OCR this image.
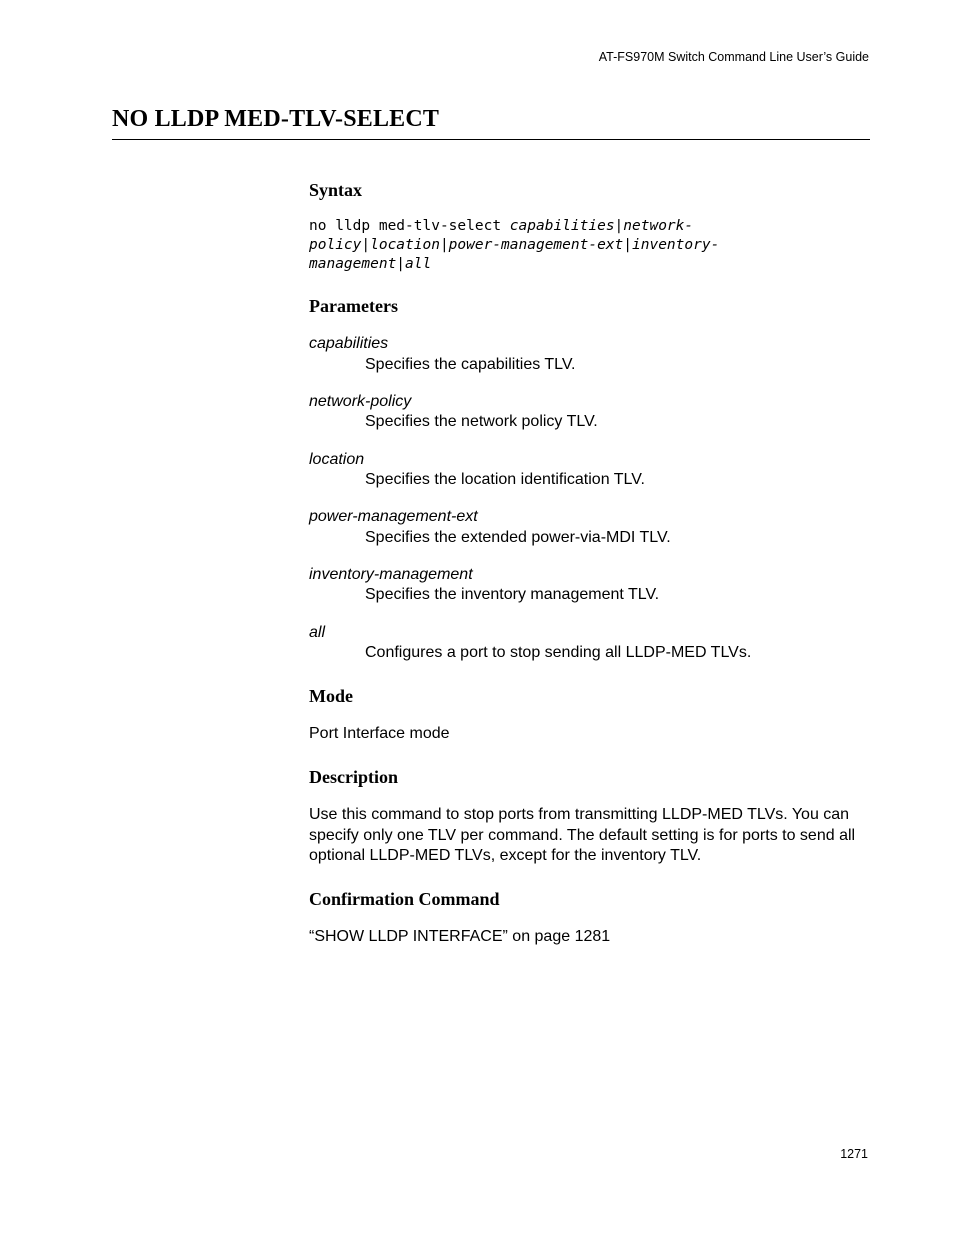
AT-FS970M Switch Command Line User’s Guide
NO LLDP MED-TLV-SELECT
Syntax
no lldp med-tlv-select capabilities|network-
policy|location|power-management-ext|inventory-
management|all
Parameters
capabilities
Specifies the capabilities TLV.
network-policy
Specifies the network policy TLV.
location
Specifies the location identification TLV.
power-management-ext
Specifies the extended power-via-MDI TLV.
inventory-management
Specifies the inventory management TLV.
all
Configures a port to stop sending all LLDP-MED TLVs.
Mode

Port Interface mode

Description

Use this command to stop ports from transmitting LLDP-MED TLVs. You can specify only one TLV per command. The default setting is for ports to send all optional LLDP-MED TLVs, except for the inventory TLV.

Confirmation Command

“SHOW LLDP INTERFACE” on page 1281

1271
